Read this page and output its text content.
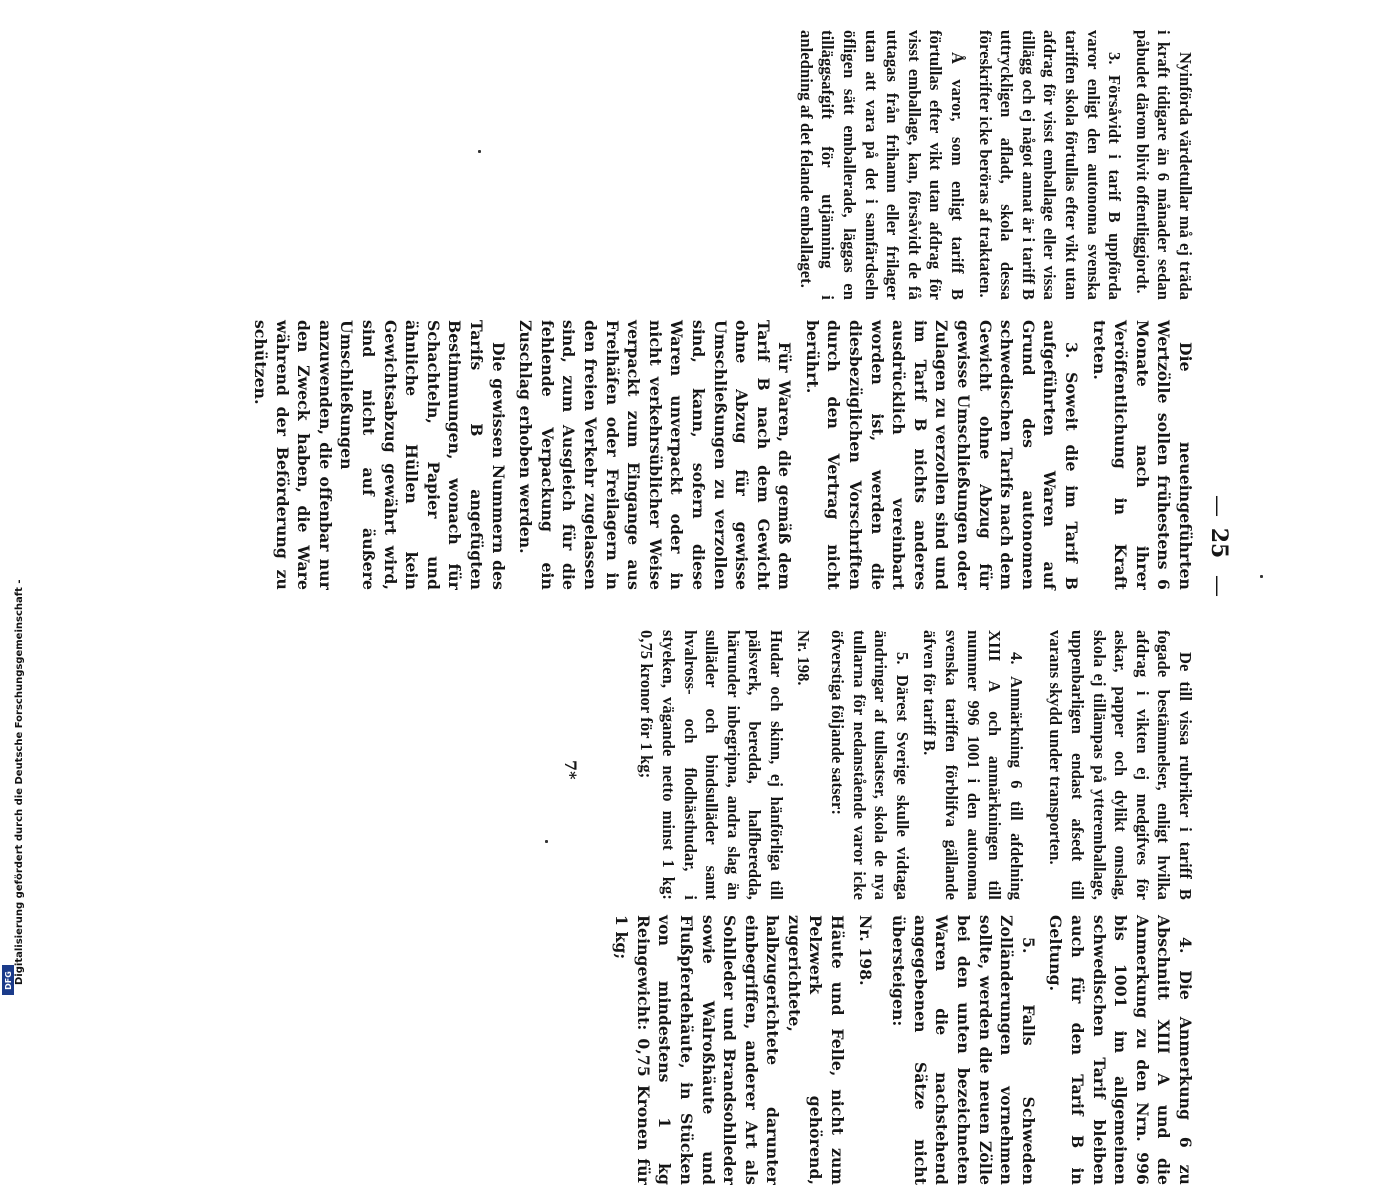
—
25
—

Nyinförda värdetullar må ej träda i kraft tidigare än 6 månader sedan påbudet därom blivit offentliggjordt.

3. Försåvidt i tarif B uppförda varor enligt den autonoma svenska tariffen skola förtullas efter vikt utan afdrag för visst emballage eller vissa tillägg och ej något annat är i tariff B uttryckligen afladt, skola dessa föreskrifter icke beröras af traktaten.

Å varor, som enligt tariff B förtullas efter vikt utan afdrag för visst emballage, kan, försåvidt de få uttagas från frihamn eller frilager utan att vara på det i samfärdseln öfligen sätt emballerade, läggas en tilläggsafgift för utjämning i anledning af det felande emballaget.

Die neueingeführten Wertzölle sollen frühestens 6 Monate nach ihrer Veröffentlichung in Kraft treten.

3. Soweit die im Tarif B aufgeführten Waren auf Grund des autonomen schwedischen Tarifs nach dem Gewicht ohne Abzug für gewisse Umschließungen oder Zulagen zu verzollen sind und im Tarif B nichts anderes ausdrücklich vereinbart worden ist, werden die diesbezüglichen Vorschriften durch den Vertrag nicht berührt.

Für Waren, die gemäß dem Tarif B nach dem Gewicht ohne Abzug für gewisse Umschließungen zu verzollen sind, kann, sofern diese Waren unverpackt oder in nicht verkehrsüblicher Weise verpackt zum Eingange aus Freihäfen oder Freilagern in den freien Verkehr zugelassen sind, zum Ausgleich für die fehlende Verpackung ein Zuschlag erhoben werden.

Die gewissen Nummern des Tarifs B angefügten Bestimmungen, wonach für Schachteln, Papier und ähnliche Hüllen kein Gewichtsabzug gewährt wird, sind nicht auf äußere Umschließungen anzuwenden, die offenbar nur den Zweck haben, die Ware während der Beförderung zu schützen.

De till vissa rubriker i tariff B fogade bestämmelser, enligt hvilka afdrag i vikten ej medgifves för askar, papper och dylikt omslag, skola ej tillämpas på ytteremballage, uppenbarligen endast afsedt till varans skydd under transporten.

4. Anmärkning 6 till afdelning XIII A och anmärkningen till nummer 996 1001 i den autonoma svenska tariffen förblifva gällande äfven för tariff B.

5. Därest Sverige skulle vidtaga ändringar af tullsatser, skola de nya tullarna för nedanstående varor icke öfverstiga följande satser:

Nr. 198.

Hudar och skinn, ej hänförliga till pälsverk, beredda, halfberedda, härunder inbegripna, andra slag än sulläder och bindsulläder samt hvalross- och flodhästhudar, i styeken, vägande netto minst 1 kg: 0,75 kronor för 1 kg;

4. Die Anmerkung 6 zu Abschnitt XIII A und die Anmerkung zu den Nrn. 996 bis 1001 im allgemeinen schwedischen Tarif bleiben auch für den Tarif B in Geltung.

5. Falls Schweden Zolländerungen vornehmen sollte, werden die neuen Zölle bei den unten bezeichneten Waren die nachstehend angegebenen Sätze nicht übersteigen:

Nr. 198.

Häute und Felle, nicht zum Pelzwerk gehörend, zugerichtete, halbzugerichtete darunter einbegriffen, anderer Art als Sohlleder und Brandsohlleder sowie Walroßhäute und Flußpferdehäute, in Stücken von mindestens 1 kg Reingewicht: 0,75 Kronen für 1 kg;

7*
DFG Digitalisierung gefördert durch die Deutsche Forschungsgemeinschaft -
